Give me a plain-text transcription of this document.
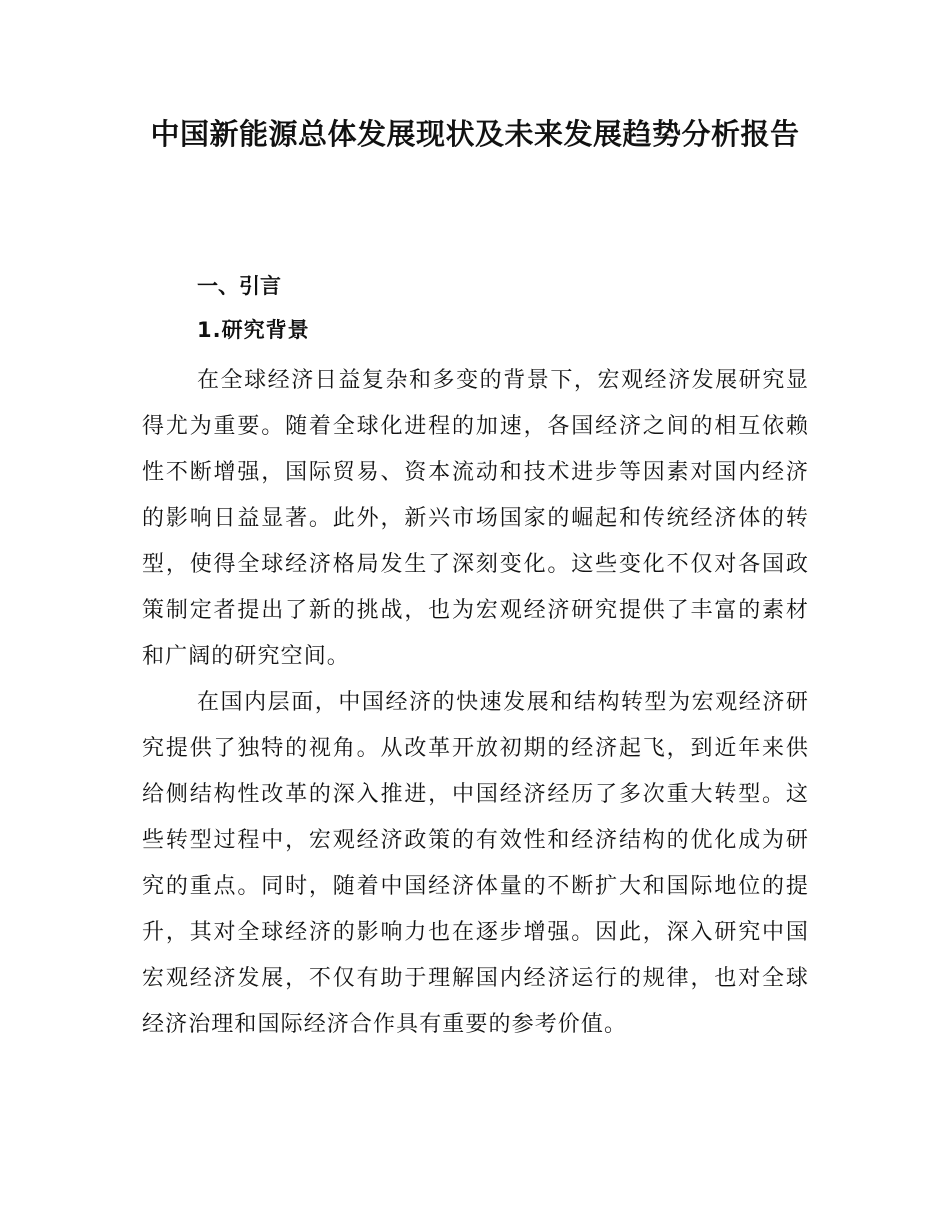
中国新能源总体发展现状及未来发展趋势分析报告
一、引言
1.研究背景

在全球经济日益复杂和多变的背景下，宏观经济发展研究显得尤为重要。随着全球化进程的加速，各国经济之间的相互依赖性不断增强，国际贸易、资本流动和技术进步等因素对国内经济的影响日益显著。此外，新兴市场国家的崛起和传统经济体的转型，使得全球经济格局发生了深刻变化。这些变化不仅对各国政策制定者提出了新的挑战，也为宏观经济研究提供了丰富的素材和广阔的研究空间。

在国内层面，中国经济的快速发展和结构转型为宏观经济研究提供了独特的视角。从改革开放初期的经济起飞，到近年来供给侧结构性改革的深入推进，中国经济经历了多次重大转型。这些转型过程中，宏观经济政策的有效性和经济结构的优化成为研究的重点。同时，随着中国经济体量的不断扩大和国际地位的提升，其对全球经济的影响力也在逐步增强。因此，深入研究中国宏观经济发展，不仅有助于理解国内经济运行的规律，也对全球经济治理和国际经济合作具有重要的参考价值。
